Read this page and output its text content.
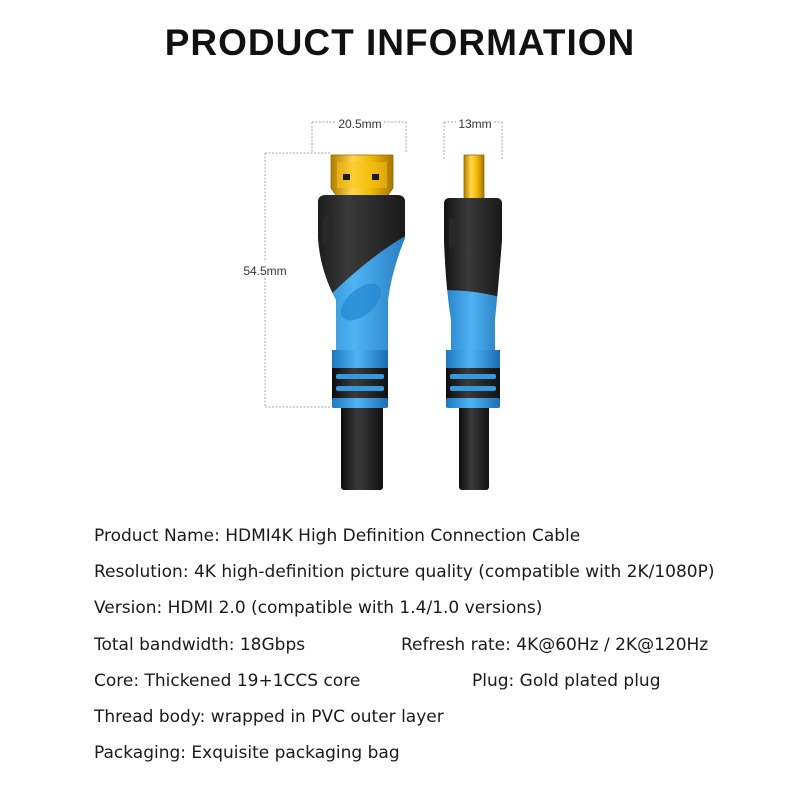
PRODUCT INFORMATION
20.5mm	13mm
54.5mm
Product Name: HDMI4K High Definition Connection Cable
Resolution: 4K high-definition picture quality (compatible with 2K/1080P)
Version: HDMI 2.0 (compatible with 1.4/1.0 versions)
Total bandwidth: 18Gbps	Refresh rate: 4K@60Hz / 2K@120Hz
Core: Thickened 19+1CCS core	Plug: Gold plated plug
Thread body: wrapped in PVC outer layer
Packaging: Exquisite packaging bag
